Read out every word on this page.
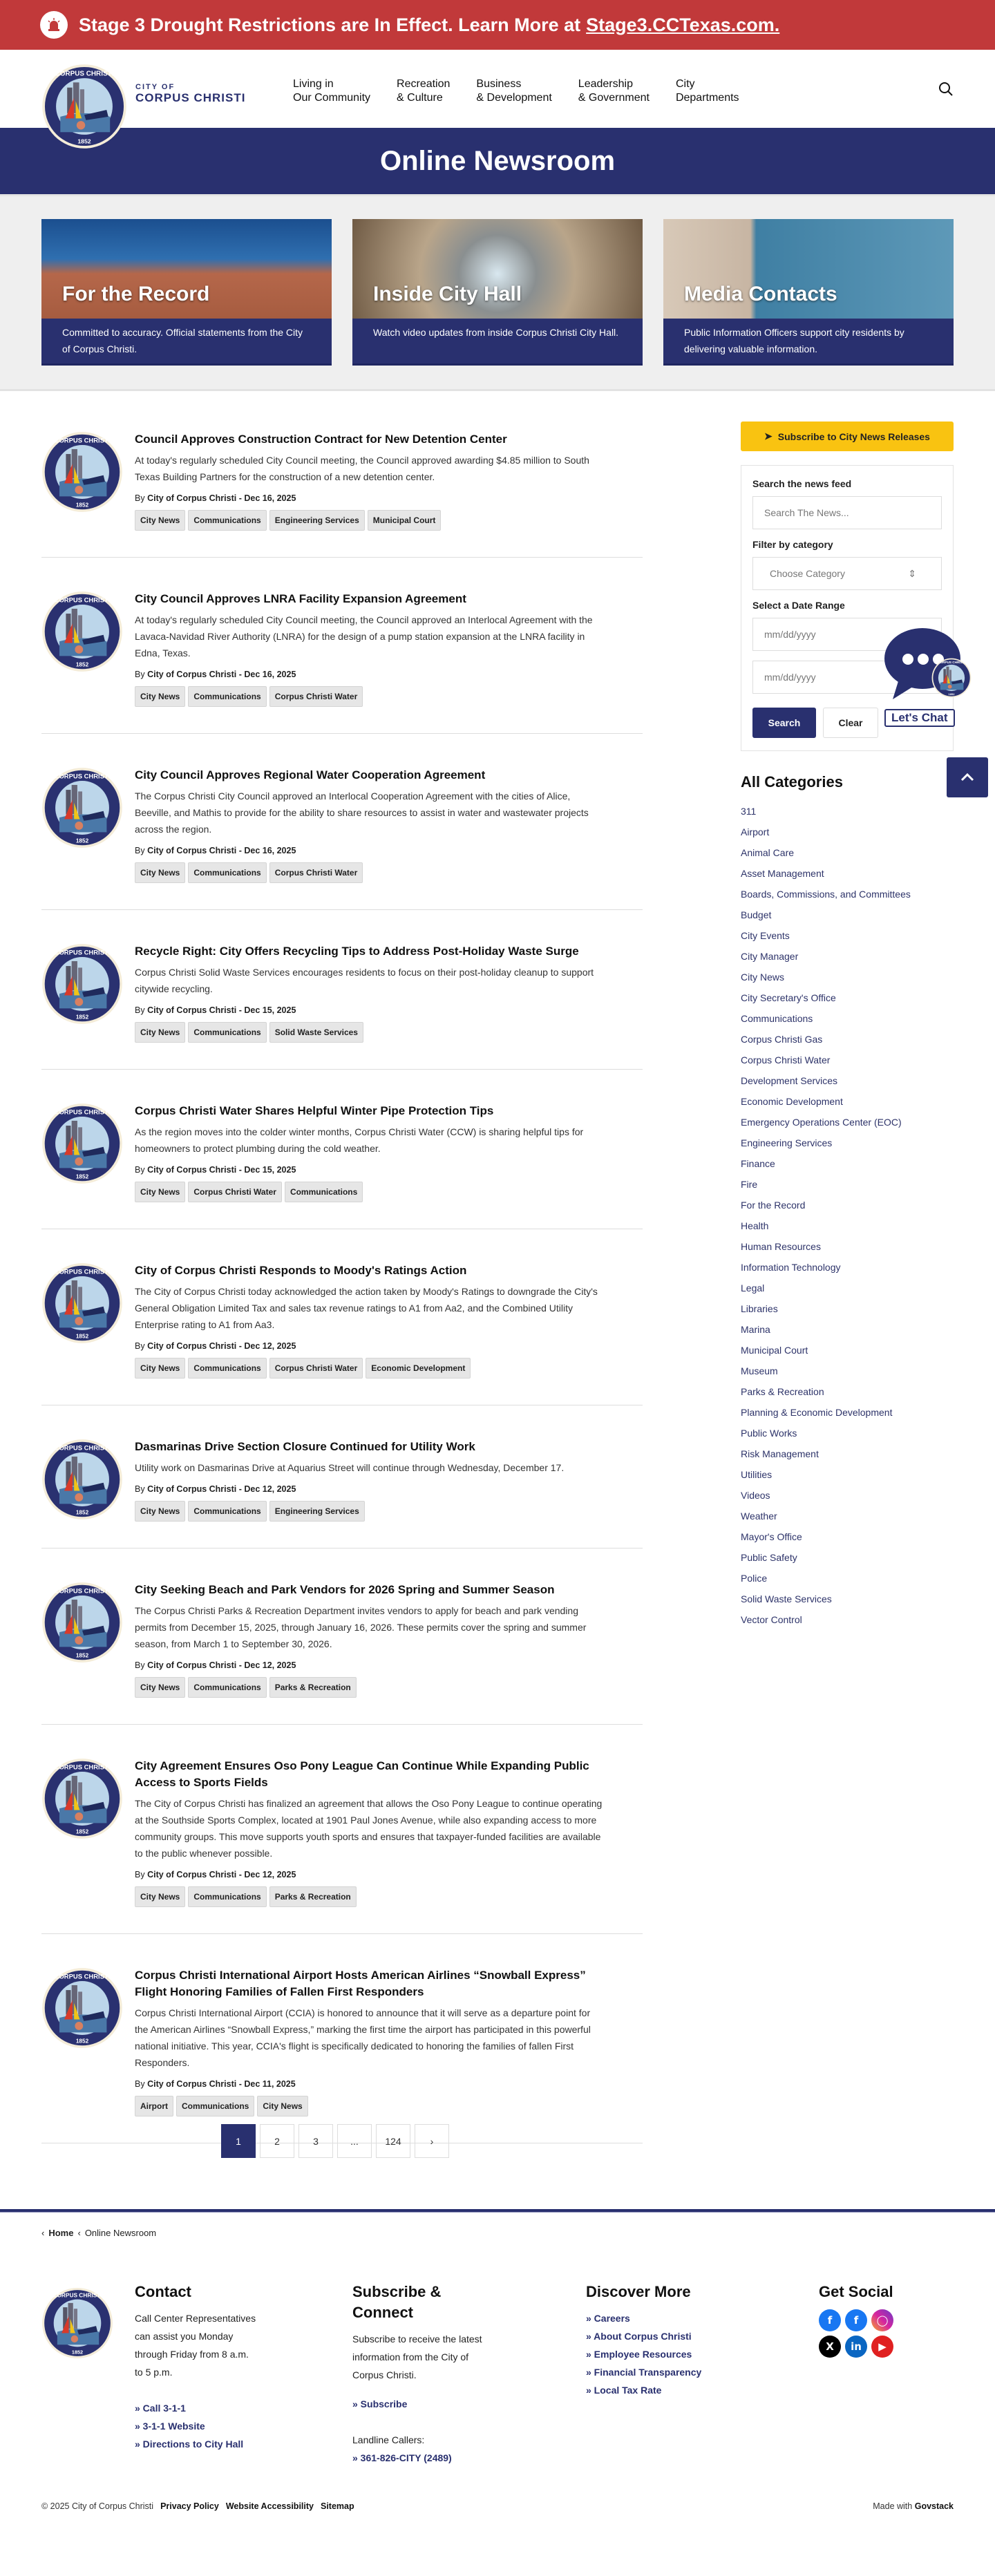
Stage 3 Drought Restrictions are In Effect. Learn More at Stage3.CCTexas.com.
CITY OF
CORPUS CHRISTI
Living in
Our Community
Recreation
& Culture
Business
& Development
Leadership
& Government
City
Departments
Online Newsroom
For the Record

Committed to accuracy. Official statements from the City of Corpus Christi.

Inside City Hall

Watch video updates from inside Corpus Christi City Hall.

Media Contacts

Public Information Officers support city residents by delivering valuable information.

Council Approves Construction Contract for New Detention Center

At today's regularly scheduled City Council meeting, the Council approved awarding $4.85 million to South Texas Building Partners for the construction of a new detention center.

By City of Corpus Christi - Dec 16, 2025
City News	Communications	Engineering Services	Municipal Court
City Council Approves LNRA Facility Expansion Agreement

At today's regularly scheduled City Council meeting, the Council approved an Interlocal Agreement with the Lavaca-Navidad River Authority (LNRA) for the design of a pump station expansion at the LNRA facility in Edna, Texas.

By City of Corpus Christi - Dec 16, 2025
City News	Communications	Corpus Christi Water
City Council Approves Regional Water Cooperation Agreement

The Corpus Christi City Council approved an Interlocal Cooperation Agreement with the cities of Alice, Beeville, and Mathis to provide for the ability to share resources to assist in water and wastewater projects across the region.

By City of Corpus Christi - Dec 16, 2025
City News	Communications	Corpus Christi Water
Recycle Right: City Offers Recycling Tips to Address Post-Holiday Waste Surge

Corpus Christi Solid Waste Services encourages residents to focus on their post-holiday cleanup to support citywide recycling.

By City of Corpus Christi - Dec 15, 2025
City News	Communications	Solid Waste Services
Corpus Christi Water Shares Helpful Winter Pipe Protection Tips

As the region moves into the colder winter months, Corpus Christi Water (CCW) is sharing helpful tips for homeowners to protect plumbing during the cold weather.

By City of Corpus Christi - Dec 15, 2025
City News	Corpus Christi Water	Communications
City of Corpus Christi Responds to Moody's Ratings Action

The City of Corpus Christi today acknowledged the action taken by Moody's Ratings to downgrade the City's General Obligation Limited Tax and sales tax revenue ratings to A1 from Aa2, and the Combined Utility Enterprise rating to A1 from Aa3.

By City of Corpus Christi - Dec 12, 2025
City News	Communications	Corpus Christi Water	Economic Development
Dasmarinas Drive Section Closure Continued for Utility Work

Utility work on Dasmarinas Drive at Aquarius Street will continue through Wednesday, December 17.

By City of Corpus Christi - Dec 12, 2025
City News	Communications	Engineering Services
City Seeking Beach and Park Vendors for 2026 Spring and Summer Season

The Corpus Christi Parks & Recreation Department invites vendors to apply for beach and park vending permits from December 15, 2025, through January 16, 2026. These permits cover the spring and summer season, from March 1 to September 30, 2026.

By City of Corpus Christi - Dec 12, 2025
City News	Communications	Parks & Recreation
City Agreement Ensures Oso Pony League Can Continue While Expanding Public Access to Sports Fields

The City of Corpus Christi has finalized an agreement that allows the Oso Pony League to continue operating at the Southside Sports Complex, located at 1901 Paul Jones Avenue, while also expanding access to more community groups. This move supports youth sports and ensures that taxpayer-funded facilities are available to the public whenever possible.

By City of Corpus Christi - Dec 12, 2025
City News	Communications	Parks & Recreation
Corpus Christi International Airport Hosts American Airlines “Snowball Express” Flight Honoring Families of Fallen First Responders

Corpus Christi International Airport (CCIA) is honored to announce that it will serve as a departure point for the American Airlines “Snowball Express,” marking the first time the airport has participated in this powerful national initiative. This year, CCIA's flight is specifically dedicated to honoring the families of fallen First Responders.

By City of Corpus Christi - Dec 11, 2025
Airport	Communications	City News
1	2	3	...	124	›
➤ Subscribe to City News Releases
Search the news feed
Search The News...
Filter by category
Choose Category	⇕
Select a Date Range
mm/dd/yyyy
mm/dd/yyyy
Search	Clear
All Categories
311
Airport
Animal Care
Asset Management
Boards, Commissions, and Committees
Budget
City Events
City Manager
City News
City Secretary's Office
Communications
Corpus Christi Gas
Corpus Christi Water
Development Services
Economic Development
Emergency Operations Center (EOC)
Engineering Services
Finance
Fire
For the Record
Health
Human Resources
Information Technology
Legal
Libraries
Marina
Municipal Court
Museum
Parks & Recreation
Planning & Economic Development
Public Works
Risk Management
Utilities
Videos
Weather
Mayor's Office
Public Safety
Police
Solid Waste Services
Vector Control
Let's Chat
‹ Home ‹ Online Newsroom
Contact

Call Center Representatives can assist you Monday through Friday from 8 a.m. to 5 p.m.

» Call 3-1-1
» 3-1-1 Website
» Directions to City Hall
Subscribe & Connect

Subscribe to receive the latest information from the City of Corpus Christi.

» Subscribe

Landline Callers:

» 361-826-CITY (2489)
Discover More
» Careers
» About Corpus Christi
» Employee Resources
» Financial Transparency
» Local Tax Rate
Get Social
f	f	◯
X	in	▶
© 2025 City of Corpus Christi Privacy Policy Website Accessibility Sitemap	Made with Govstack
